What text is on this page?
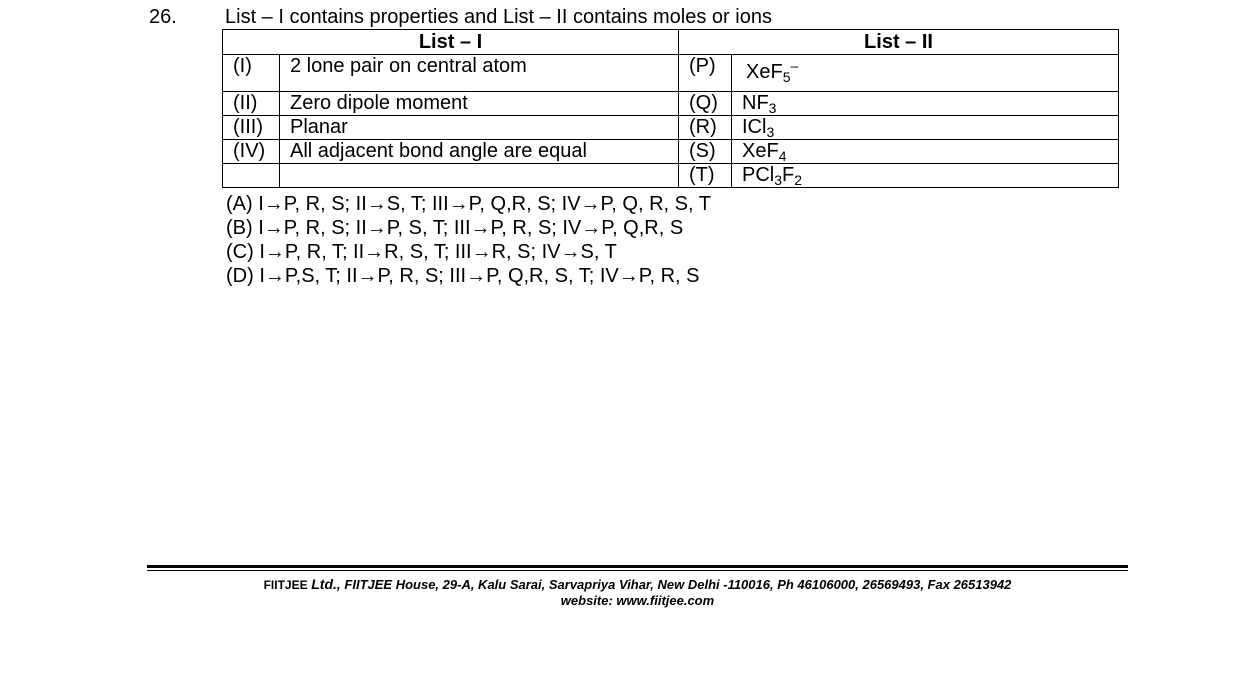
26. List – I contains properties and List – II contains moles or ions
List – I		List – II	
(I)	2 lone pair on central atom	(P)	XeF$_5$–
(II)	Zero dipole moment	(Q)	$NF_3$
(III)	Planar	(R)	ICl$_3$
(IV)	All adjacent bond angle are equal	(S)	XeF$_4$
		(T)	$PCl_3F_2$
(A) I→P, R, S; II→S, T; III→P, Q,R, S; IV→P, Q, R, S, T
(B) I→P, R, S; II→P, S, T; III→P, R, S; IV→P, Q,R, S
(C) I→P, R, T; II→R, S, T; III→R, S; IV→S, T
(D) I→P,S, T; II→P, R, S; III→P, Q,R, S, T; IV→P, R, S
FIITJEE Ltd., FIITJEE House, 29-A, Kalu Sarai, Sarvapriya Vihar, New Delhi -110016, Ph 46106000, 26569493, Fax 26513942
website: www.fiitjee.com
